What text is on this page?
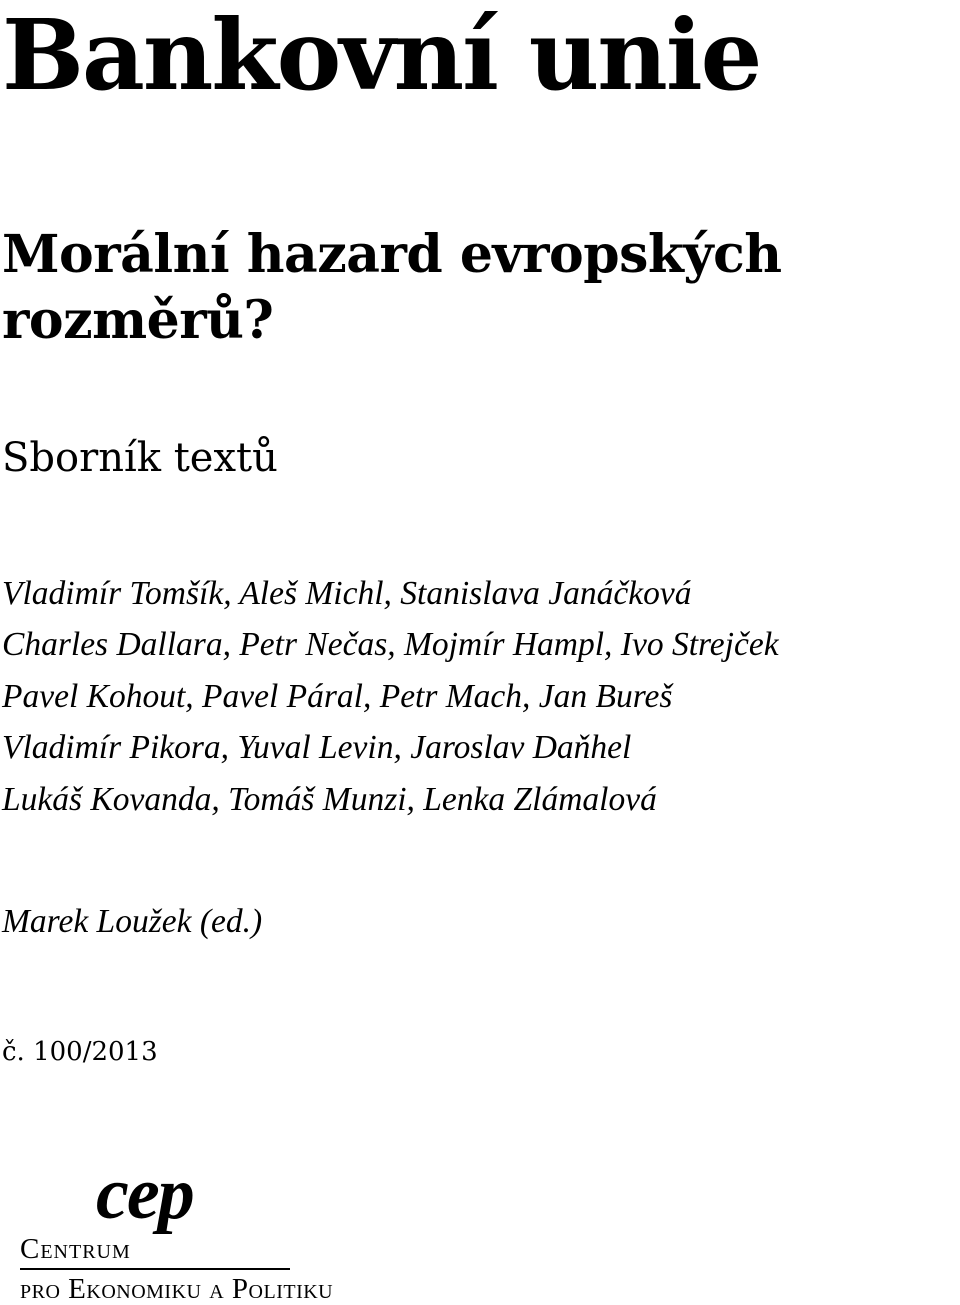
Bankovní unie
Morální hazard evropských
rozměrů?
Sborník textů
Vladimír Tomšík, Aleš Michl, Stanislava Janáčková
Charles Dallara, Petr Nečas, Mojmír Hampl, Ivo Strejček
Pavel Kohout, Pavel Páral, Petr Mach, Jan Bureš
Vladimír Pikora, Yuval Levin, Jaroslav Daňhel
Lukáš Kovanda, Tomáš Munzi, Lenka Zlámalová
Marek Loužek (ed.)
č. 100/2013
cep
Centrum
pro Ekonomiku a Politiku
